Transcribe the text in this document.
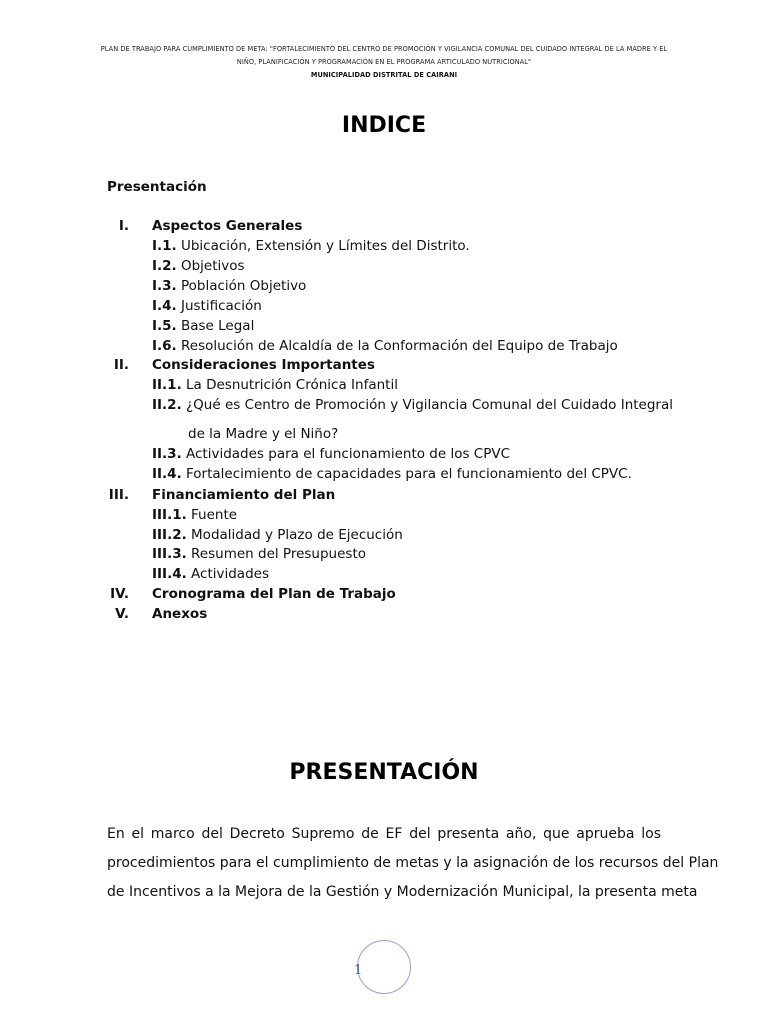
PLAN DE TRABAJO PARA CUMPLIMIENTO DE META: "FORTALECIMIENTO DEL CENTRO DE PROMOCIÓN Y VIGILANCIA COMUNAL DEL CUIDADO INTEGRAL DE LA MADRE Y EL
NIÑO, PLANIFICACIÓN Y PROGRAMACIÓN EN EL PROGRAMA ARTICULADO NUTRICIONAL"
MUNICIPALIDAD DISTRITAL DE CAIRANI
INDICE
Presentación
I. Aspectos Generales
I.1. Ubicación, Extensión y Límites del Distrito.
I.2. Objetivos
I.3. Población Objetivo
I.4. Justificación
I.5. Base Legal
I.6. Resolución de Alcaldía de la Conformación del Equipo de Trabajo
II. Consideraciones Importantes
II.1. La Desnutrición Crónica Infantil
II.2. ¿Qué es Centro de Promoción y Vigilancia Comunal del Cuidado Integral
de la Madre y el Niño?
II.3. Actividades para el funcionamiento de los CPVC
II.4. Fortalecimiento de capacidades para el funcionamiento del CPVC.
III. Financiamiento del Plan
III.1. Fuente
III.2. Modalidad y Plazo de Ejecución
III.3. Resumen del Presupuesto
III.4. Actividades
IV. Cronograma del Plan de Trabajo
V. Anexos
PRESENTACIÓN
En el marco del Decreto Supremo de EF del presenta año, que aprueba los
procedimientos para el cumplimiento de metas y la asignación de los recursos del Plan
de Incentivos a la Mejora de la Gestión y Modernización Municipal, la presenta meta
1
